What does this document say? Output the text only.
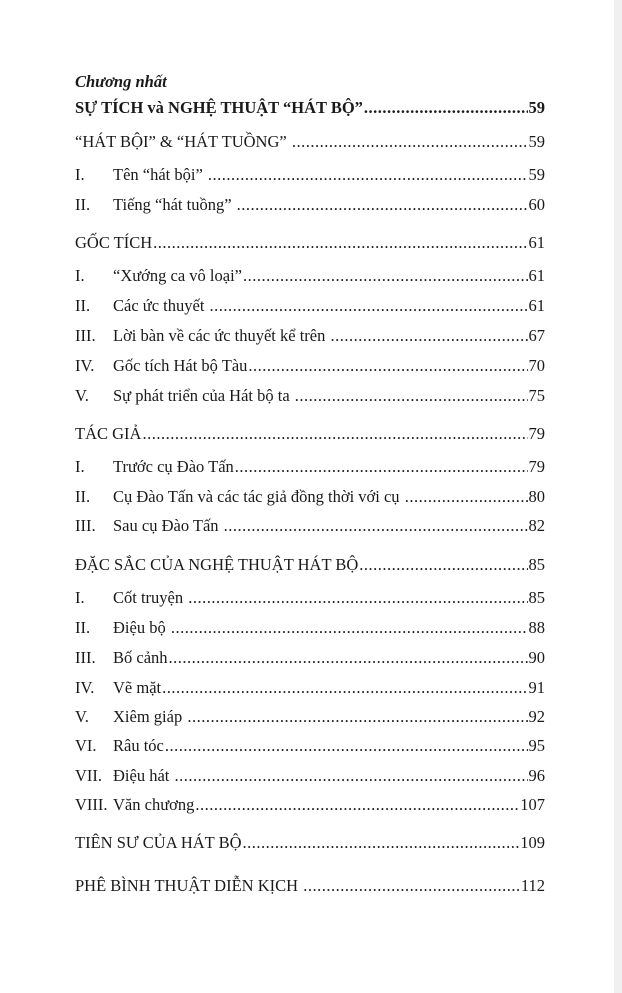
Chương nhất
SỰ TÍCH và NGHỆ THUẬT “HÁT BỘ” .....	59
“HÁT BỘI” & “HÁT TUỒNG” .....	59
I.	Tên “hát bội” .....	59
II.	Tiếng “hát tuồng” .....	60
GỐC TÍCH .....	61
I.	“Xướng ca vô loại” .....	61
II.	Các ức thuyết .....	61
III.	Lời bàn về các ức thuyết kể trên .....	67
IV.	Gốc tích Hát bộ Tàu .....	70
V.	Sự phát triển của Hát bộ ta .....	75
TÁC GIẢ .....	79
I.	Trước cụ Đào Tấn .....	79
II.	Cụ Đào Tấn và các tác giả đồng thời với cụ .....	80
III.	Sau cụ Đào Tấn .....	82
ĐẶC SẮC CỦA NGHỆ THUẬT HÁT BỘ .....	85
I.	Cốt truyện .....	85
II.	Điệu bộ .....	88
III.	Bố cảnh .....	90
IV.	Vẽ mặt .....	91
V.	Xiêm giáp .....	92
VI. Râu tóc .....	95
VII. Điệu hát .....	96
VIII. Văn chương .....	107
TIÊN SƯ CỦA HÁT BỘ .....	109
PHÊ BÌNH THUẬT DIỄN KỊCH .....	112
